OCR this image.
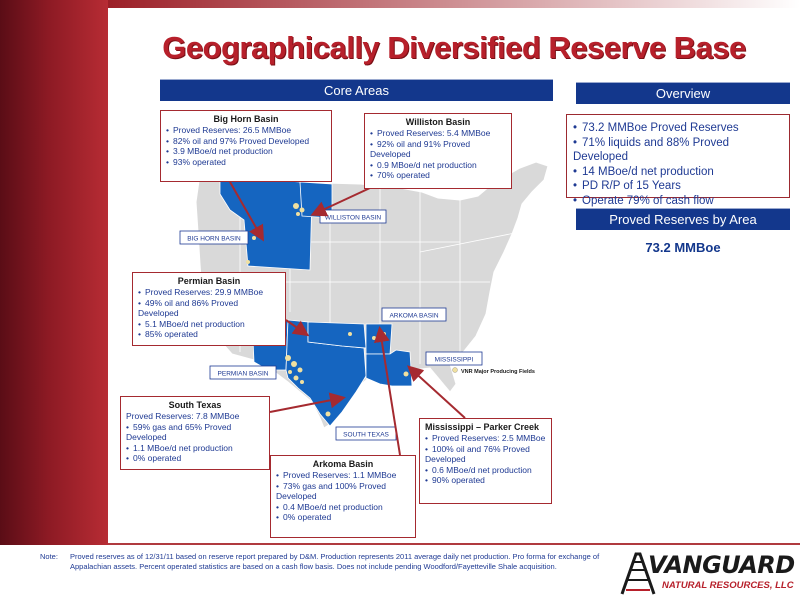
Geographically Diversified Reserve Base
Core Areas	Overview
• 73.2 MMBoe Proved Reserves
• 71% liquids and 88% Proved Developed
• 14 MBoe/d net production
• PD R/P of 15 Years
• Operate 79% of cash flow
Proved Reserves by Area
73.2 MMBoe
VNR Major Producing Fields
BIG HORN BASIN
WILLISTON BASIN
ARKOMA BASIN
MISSISSIPPI
PERMIAN BASIN
SOUTH TEXAS
Big Horn Basin
• Proved Reserves: 26.5 MMBoe
• 82% oil and 97% Proved Developed
• 3.9 MBoe/d net production
• 93% operated
Williston Basin
• Proved Reserves: 5.4 MMBoe
• 92% oil and 91% Proved Developed
• 0.9 MBoe/d net production
• 70% operated
Permian Basin
• Proved Reserves: 29.9 MMBoe
• 49% oil and 86% Proved Developed
• 5.1 MBoe/d net production
• 85% operated
South Texas
Proved Reserves: 7.8 MMBoe
• 59% gas and 65% Proved Developed
• 1.1 MBoe/d net production
• 0% operated
Arkoma Basin
• Proved Reserves: 1.1 MMBoe
• 73% gas and 100% Proved Developed
• 0.4 MBoe/d net production
• 0% operated
Mississippi – Parker Creek
• Proved Reserves: 2.5 MMBoe
• 100% oil and 76% Proved Developed
• 0.6 MBoe/d net production
• 90% operated
Note: Proved reserves as of 12/31/11 based on reserve report prepared by D&M. Production represents 2011 average daily net production. Pro forma for exchange of Appalachian assets. Percent operated statistics are based on a cash flow basis. Does not include pending Woodford/Fayetteville Shale acquisition.	VANGUARD
NATURAL RESOURCES, LLC
